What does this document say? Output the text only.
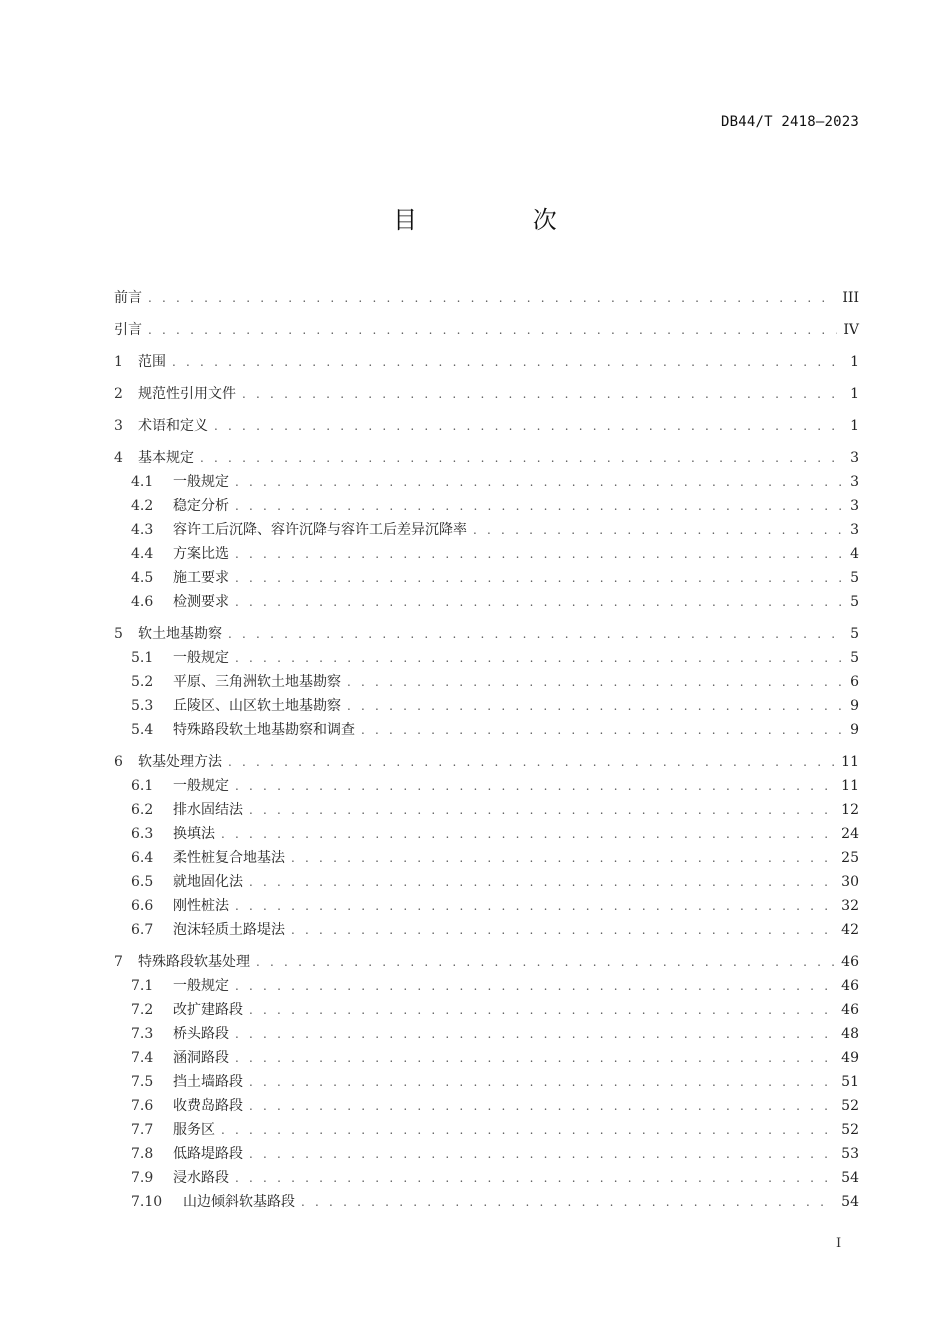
DB44/T 2418—2023
目 次
前言 . . .	III
引言 . . .	IV
1	范围 . . .	1
2	规范性引用文件 . . .	1
3	术语和定义 . . .	1
4	基本规定 . . .	3
4.1	一般规定 . . .	3
4.2	稳定分析 . . .	3
4.3	容许工后沉降、容许沉降与容许工后差异沉降率 . . .	3
4.4	方案比选 . . .	4
4.5	施工要求 . . .	5
4.6	检测要求 . . .	5
5	软土地基勘察 . . .	5
5.1	一般规定 . . .	5
5.2	平原、三角洲软土地基勘察 . . .	6
5.3	丘陵区、山区软土地基勘察 . . .	9
5.4	特殊路段软土地基勘察和调查 . . .	9
6	软基处理方法 . . .	11
6.1	一般规定 . . .	11
6.2	排水固结法 . . .	12
6.3	换填法 . . .	24
6.4	柔性桩复合地基法 . . .	25
6.5	就地固化法 . . .	30
6.6	刚性桩法 . . .	32
6.7	泡沫轻质土路堤法 . . .	42
7	特殊路段软基处理 . . .	46
7.1	一般规定 . . .	46
7.2	改扩建路段 . . .	46
7.3	桥头路段 . . .	48
7.4	涵洞路段 . . .	49
7.5	挡土墙路段 . . .	51
7.6	收费岛路段 . . .	52
7.7	服务区 . . .	52
7.8	低路堤路段 . . .	53
7.9	浸水路段 . . .	54
7.10	山边倾斜软基路段 . . .	54
I
